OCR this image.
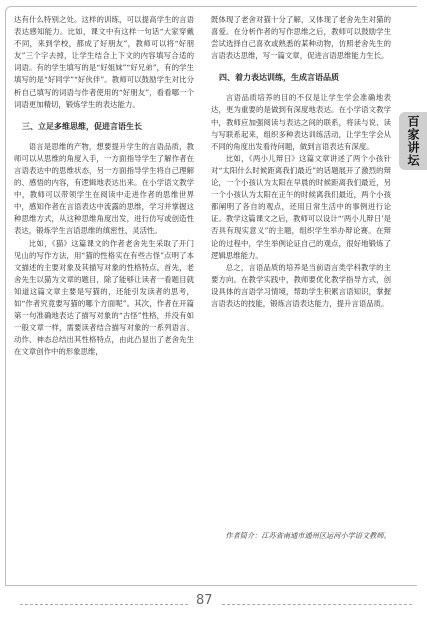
达有什么特别之处。这样的训练，可以提高学生的言语表达感知能力。比如，课文中有这样一句话“大家穿戴不同，来到学校，都成了好朋友”，教师可以将“好朋友”三个字去掉，让学生结合上下文的内容填写合适的词语。有的学生填写的是“好姐妹”“好兄弟”，有的学生填写的是“好同学”“好伙伴”。教师可以鼓励学生对比分析自己填写的词语与作者使用的“好朋友”，看看哪一个词语更加精切，锻炼学生的表达能力。

三、立足多维思维，促进言语生长

语言是思维的产物，想要提升学生的言语品质，教师可以从思维的角度入手，一方面指导学生了解作者在言语表达中的思维状态，另一方面指导学生将自己理解的、感悟的内容，有逻辑地表达出来。在小学语文教学中，教师可以带领学生在阅读中走进作者的思维世界中，感知作者在言语表达中流露的思维，学习并掌握这种思维方式，从这种思维角度出发，进行仿写或创造性表达，锻炼学生言语思维的缜密性、灵活性。

比如，《猫》这篇课文的作者老舍先生采取了开门见山的写作方法，用“猫的性格实在有些古怪”点明了本文描述的主要对象及其描写对象的性格特点。首先，老舍先生以猫为文章的题目，除了能够让读者一看题目就知道这篇文章主要是写猫的，还能引发读者的思考，如“作者究竟要写猫的哪个方面呢”。其次，作者在开篇第一句准确地表达了描写对象的“古怪”性格，并没有如一般文章一样，需要读者结合描写对象的一系列语言、动作、神态总结出其性格特点，由此凸显出了老舍先生在文章创作中的形象思维，

既体现了老舍对猫十分了解，又体现了老舍先生对猫的喜爱。在分析作者的写作思维之后，教师可以鼓励学生尝试选择自己喜欢或熟悉的某种动物，仿照老舍先生的言语表达思维，写一篇文章，促进言语思维能力生长。

四、着力表达训练，生成言语品质

言语品质培养的目的不仅是让学生学会准确地表达，更为重要的是做到有深度地表达。在小学语文教学中，教师应加强阅读与表达之间的联系，将读与说、读与写联系起来，组织多种表达训练活动，让学生学会从不同的角度出发看待问题，做到言语表达有深度。

比如，《两小儿辩日》这篇文章讲述了两个小孩针对“太阳什么时候距离我们最近”的话题展开了激烈的辩论，一个小孩认为太阳在早晨的时候距离我们最近，另一个小孩认为太阳在正午的时候离我们最近，两个小孩都阐明了各自的观点，还用日常生活中的事例进行论证。教学这篇课文之后，教师可以设计“‘两小儿辩日’是否具有现实意义”的主题，组织学生举办辩论赛。在辩论的过程中，学生举例论证自己的观点，很好地锻炼了逻辑思维能力。

总之，言语品质的培养是当前语言类学科教学的主要方向。在教学实践中，教师要优化教学指导方式，创设具体的言语学习情境，帮助学生积累言语知识，掌握言语表达的技能，锻炼言语表达能力，提升言语品质。

百家讲坛
作者简介：江苏省南通市通州区运河小学语文教师。
87
